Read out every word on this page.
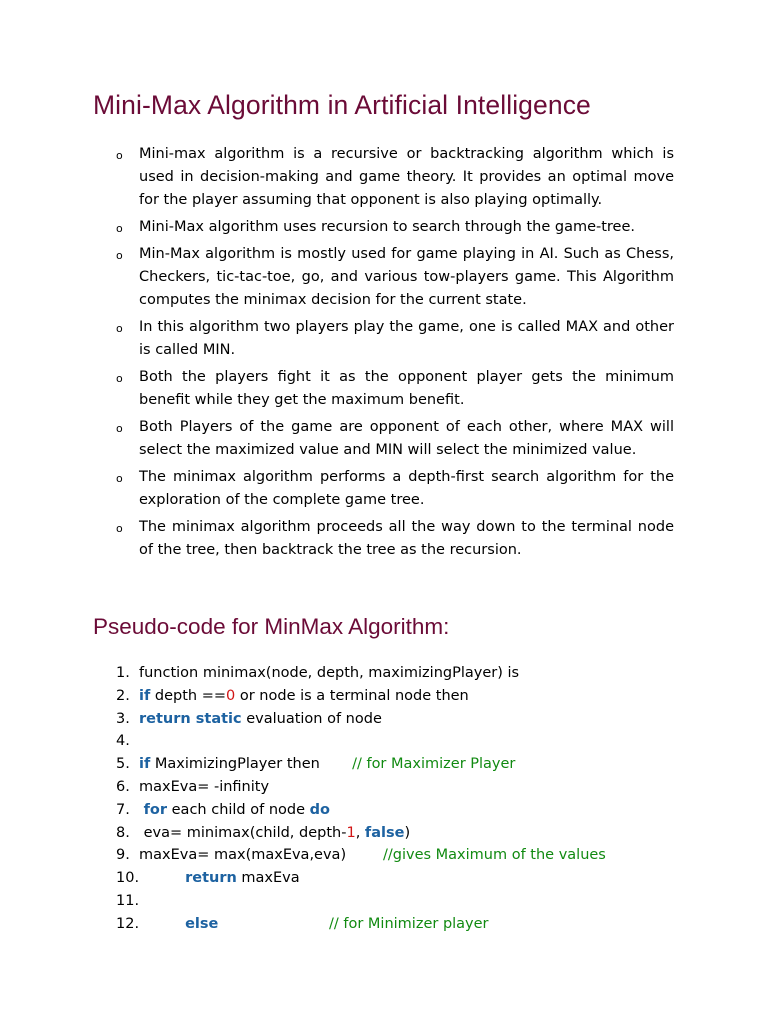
Mini-Max Algorithm in Artificial Intelligence
o Mini-max algorithm is a recursive or backtracking algorithm which is used in decision-making and game theory. It provides an optimal move for the player assuming that opponent is also playing optimally.
o Mini-Max algorithm uses recursion to search through the game-tree.
o Min-Max algorithm is mostly used for game playing in AI. Such as Chess, Checkers, tic-tac-toe, go, and various tow-players game. This Algorithm computes the minimax decision for the current state.
o In this algorithm two players play the game, one is called MAX and other is called MIN.
o Both the players fight it as the opponent player gets the minimum benefit while they get the maximum benefit.
o Both Players of the game are opponent of each other, where MAX will select the maximized value and MIN will select the minimized value.
o The minimax algorithm performs a depth-first search algorithm for the exploration of the complete game tree.
o The minimax algorithm proceeds all the way down to the terminal node of the tree, then backtrack the tree as the recursion.
Pseudo-code for MinMax Algorithm:
1. function minimax(node, depth, maximizingPlayer) is
2. if depth ==0 or node is a terminal node then
3. return static evaluation of node
4.
5. if MaximizingPlayer then       // for Maximizer Player
6. maxEva= -infinity
7. for each child of node do
8. eva= minimax(child, depth-1, false)
9. maxEva= max(maxEva,eva)        //gives Maximum of the values
10.	return maxEva
11.
12.	else	// for Minimizer player
